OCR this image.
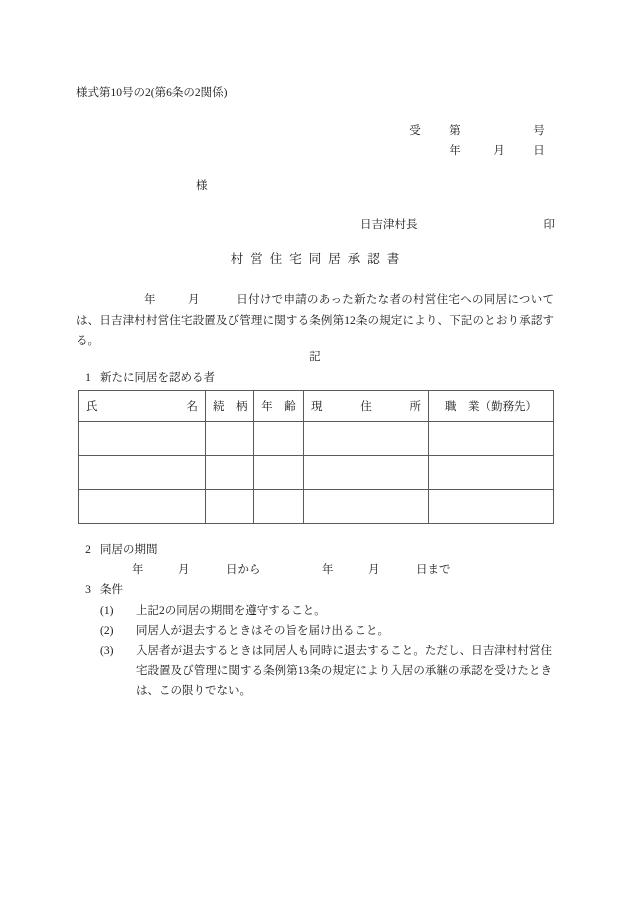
様式第10号の2(第6条の2関係)
受	第	号
年	月	日
様
日吉津村長	印
村営住宅同居承認書
年	月	日付けで申請のあった新たな者の村営住宅への同居については、日吉津村村営住宅設置及び管理に関する条例第12条の規定により、下記のとおり承認する。
記
1 新たに同居を認める者
氏 名	続　柄	年　齢	現 住 所	職　業（勤務先）

2 同居の期間
年	月	日から	年	月	日まで
3 条件
(1)	上記2の同居の期間を遵守すること。
(2)	同居人が退去するときはその旨を届け出ること。
(3)	入居者が退去するときは同居人も同時に退去すること。ただし、日吉津村村営住宅設置及び管理に関する条例第13条の規定により入居の承継の承認を受けたときは、この限りでない。
